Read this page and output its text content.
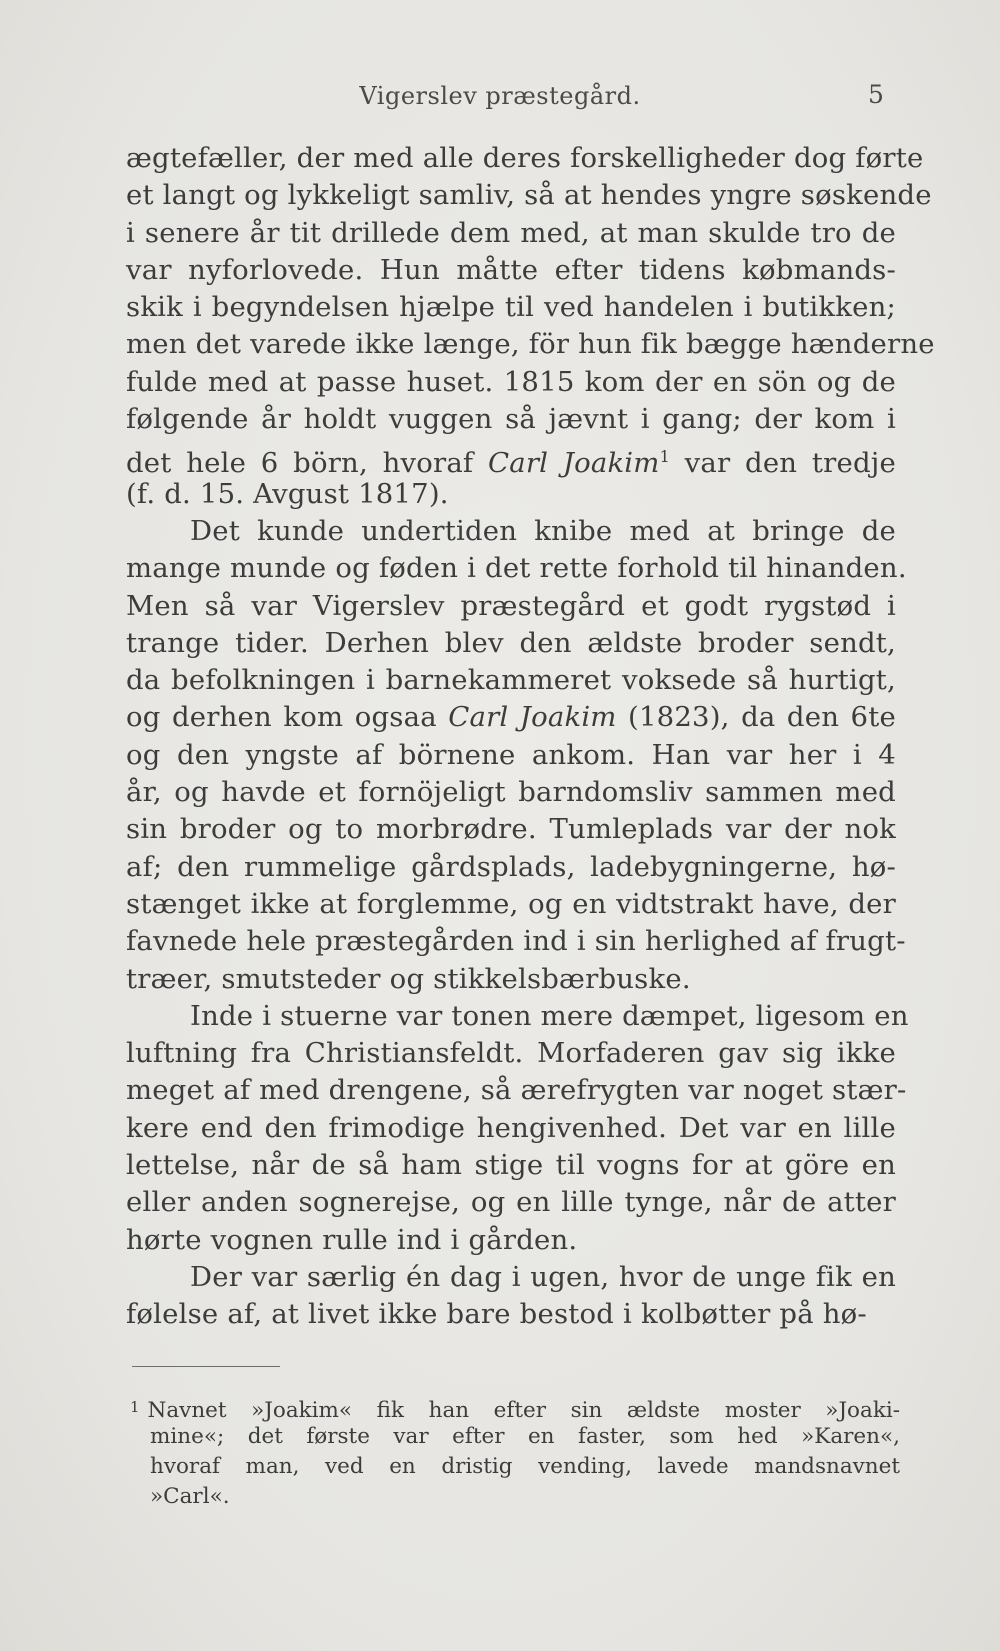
Vigerslev præstegård.	5
ægtefæller, der med alle deres forskelligheder dog førte
et langt og lykkeligt samliv, så at hendes yngre søskende
i senere år tit drillede dem med, at man skulde tro de
var nyforlovede. Hun måtte efter tidens købmands-
skik i begyndelsen hjælpe til ved handelen i butikken;
men det varede ikke længe, för hun fik bægge hænderne
fulde med at passe huset. 1815 kom der en sön og de
følgende år holdt vuggen så jævnt i gang; der kom i
det hele 6 börn, hvoraf Carl Joakim$^1$ var den tredje
(f. d. 15. Avgust 1817).
Det kunde undertiden knibe med at bringe de
mange munde og føden i det rette forhold til hinanden.
Men så var Vigerslev præstegård et godt rygstød i
trange tider. Derhen blev den ældste broder sendt,
da befolkningen i barnekammeret voksede så hurtigt,
og derhen kom ogsaa Carl Joakim (1823), da den 6te
og den yngste af börnene ankom. Han var her i 4
år, og havde et fornöjeligt barndomsliv sammen med
sin broder og to morbrødre. Tumleplads var der nok
af; den rummelige gårdsplads, ladebygningerne, hø-
stænget ikke at forglemme, og en vidtstrakt have, der
favnede hele præstegården ind i sin herlighed af frugt-
træer, smutsteder og stikkelsbærbuske.
Inde i stuerne var tonen mere dæmpet, ligesom en
luftning fra Christiansfeldt. Morfaderen gav sig ikke
meget af med drengene, så ærefrygten var noget stær-
kere end den frimodige hengivenhed. Det var en lille
lettelse, når de så ham stige til vogns for at göre en
eller anden sognerejse, og en lille tynge, når de atter
hørte vognen rulle ind i gården.
Der var særlig én dag i ugen, hvor de unge fik en
følelse af, at livet ikke bare bestod i kolbøtter på hø-
$^1$ Navnet »Joakim« fik han efter sin ældste moster »Joaki-
mine«; det første var efter en faster, som hed »Karen«,
hvoraf man, ved en dristig vending, lavede mandsnavnet
»Carl«.
